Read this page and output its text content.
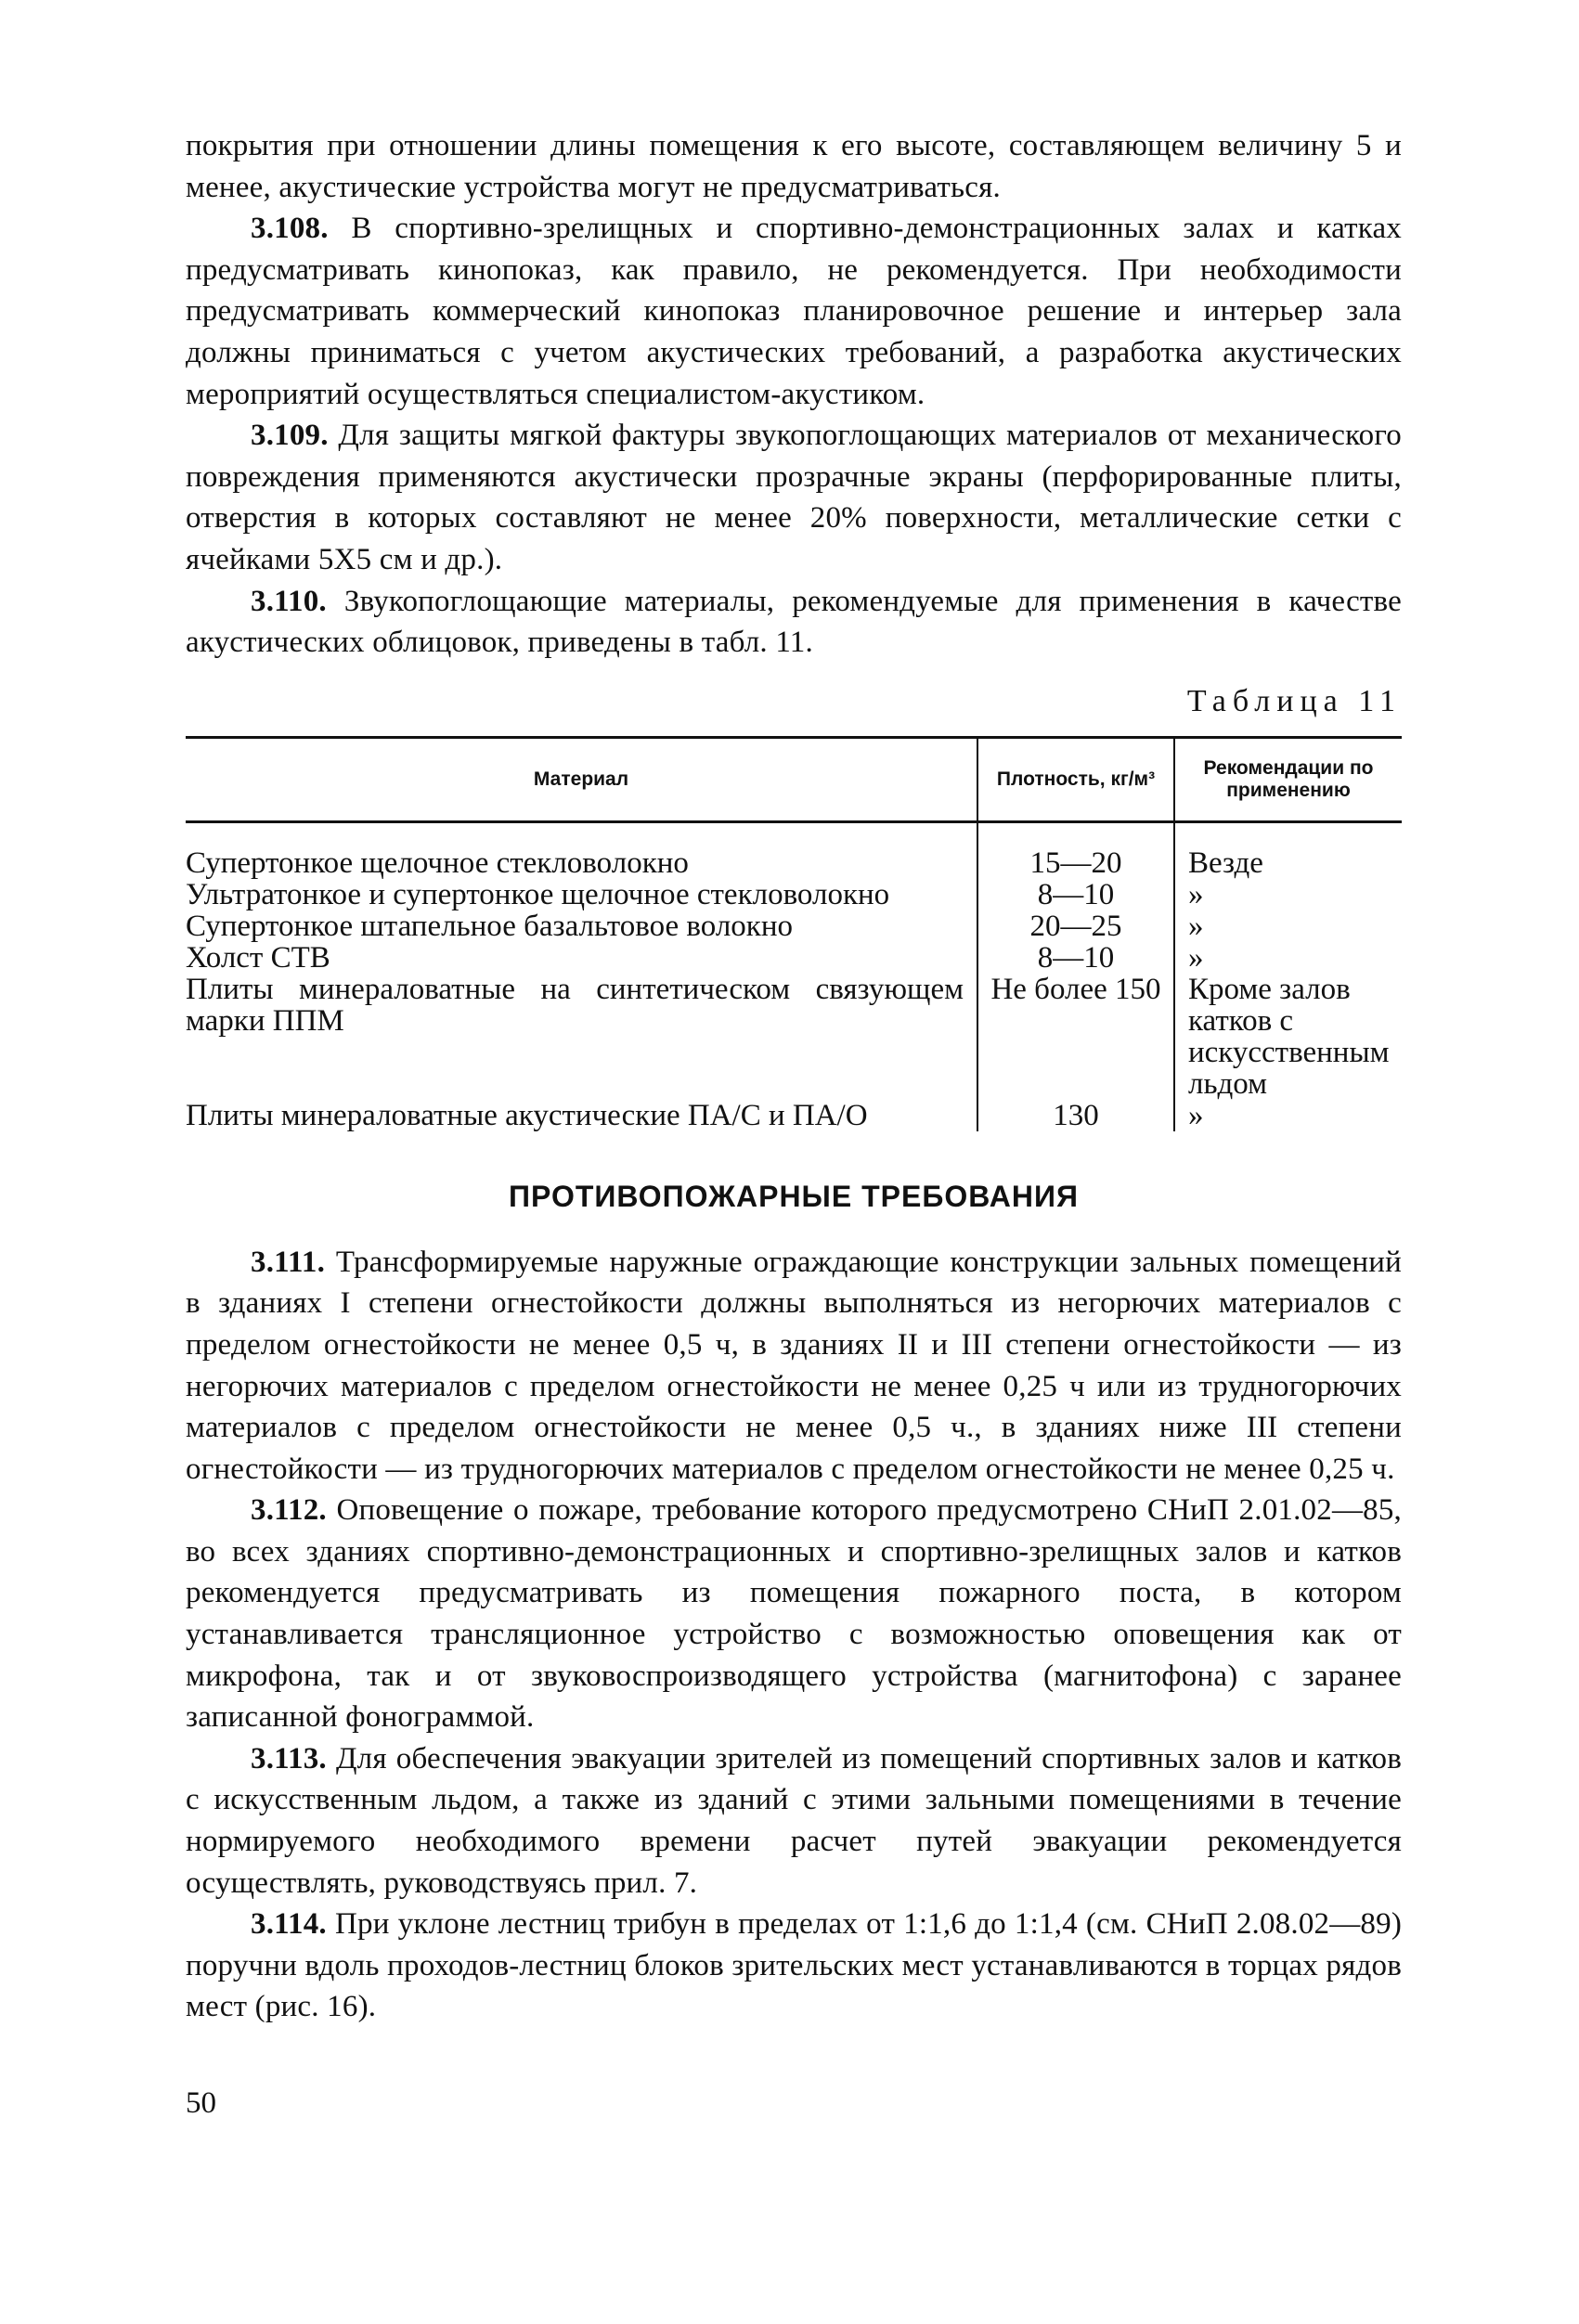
покрытия при отношении длины помещения к его высоте, составляющем величину 5 и менее, акустические устройства могут не предусматриваться.

3.108. В спортивно-зрелищных и спортивно-демонстрационных залах и катках предусматривать кинопоказ, как правило, не рекомендуется. При необходимости предусматривать коммерческий кинопоказ планировочное решение и интерьер зала должны приниматься с учетом акустических требований, а разработка акустических мероприятий осуществляться специалистом-акустиком.

3.109. Для защиты мягкой фактуры звукопоглощающих материалов от механического повреждения применяются акустически прозрачные экраны (перфорированные плиты, отверстия в которых составляют не менее 20% поверхности, металлические сетки с ячейками 5Х5 см и др.).

3.110. Звукопоглощающие материалы, рекомендуемые для применения в качестве акустических облицовок, приведены в табл. 11.

Таблица 11
Материал	Плотность, кг/м³	Рекомендации по применению
Супертонкое щелочное стекловолокно	15—20	Везде
Ультратонкое и супертонкое щелочное стекловолокно	8—10	»
Супертонкое штапельное базальтовое волокно	20—25	»
Холст СТВ	8—10	»
Плиты минераловатные на синтетическом связующем марки ППМ	Не более 150	Кроме залов катков с искусственным льдом
Плиты минераловатные акустические ПА/С и ПА/О	130	»
ПРОТИВОПОЖАРНЫЕ ТРЕБОВАНИЯ

3.111. Трансформируемые наружные ограждающие конструкции зальных помещений в зданиях I степени огнестойкости должны выполняться из негорючих материалов с пределом огнестойкости не менее 0,5 ч, в зданиях II и III степени огнестойкости — из негорючих материалов с пределом огнестойкости не менее 0,25 ч или из трудногорючих материалов с пределом огнестойкости не менее 0,5 ч., в зданиях ниже III степени огнестойкости — из трудногорючих материалов с пределом огнестойкости не менее 0,25 ч.

3.112. Оповещение о пожаре, требование которого предусмотрено СНиП 2.01.02—85, во всех зданиях спортивно-демонстрационных и спортивно-зрелищных залов и катков рекомендуется предусматривать из помещения пожарного поста, в котором устанавливается трансляционное устройство с возможностью оповещения как от микрофона, так и от звуковоспроизводящего устройства (магнитофона) с заранее записанной фонограммой.

3.113. Для обеспечения эвакуации зрителей из помещений спортивных залов и катков с искусственным льдом, а также из зданий с этими зальными помещениями в течение нормируемого необходимого времени расчет путей эвакуации рекомендуется осуществлять, руководствуясь прил. 7.

3.114. При уклоне лестниц трибун в пределах от 1:1,6 до 1:1,4 (см. СНиП 2.08.02—89) поручни вдоль проходов-лестниц блоков зрительских мест устанавливаются в торцах рядов мест (рис. 16).

50
